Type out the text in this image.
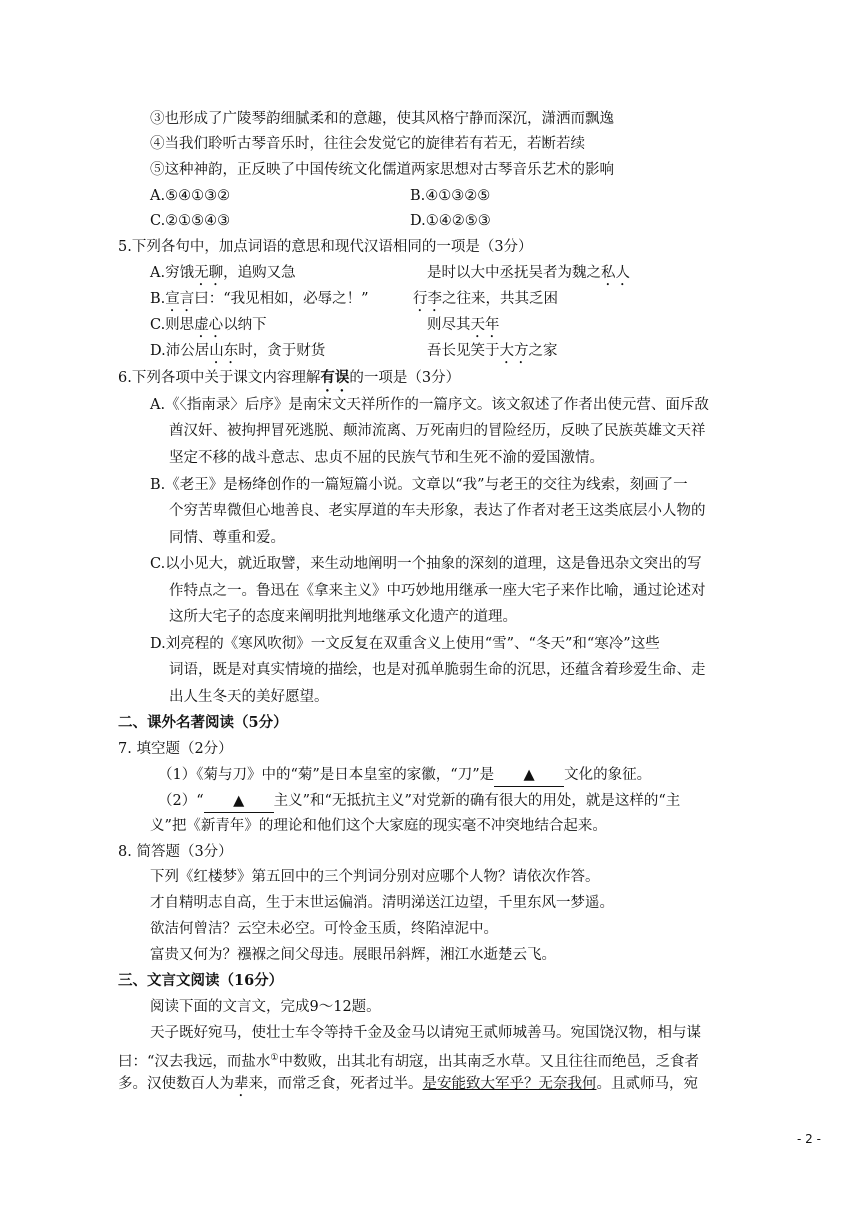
③也形成了广陵琴韵细腻柔和的意趣，使其风格宁静而深沉，潇洒而飘逸
④当我们聆听古琴音乐时，往往会发觉它的旋律若有若无，若断若续
⑤这种神韵，正反映了中国传统文化儒道两家思想对古琴音乐艺术的影响
A.⑤④①③②	B.④①③②⑤
C.②①⑤④③	D.①④②⑤③
5.下列各句中，加点词语的意思和现代汉语相同的一项是（3分）
A.穷饿无聊，追购又急	是时以大中丞抚吴者为魏之私人
B.宣言曰：“我见相如，必辱之！”	行李之往来，共其乏困
C.则思虚心以纳下	则尽其天年
D.沛公居山东时，贪于财货	吾长见笑于大方之家
6.下列各项中关于课文内容理解有误的一项是（3分）
A.《〈指南录〉后序》是南宋文天祥所作的一篇序文。该文叙述了作者出使元营、面斥敌
酋汉奸、被拘押冒死逃脱、颠沛流离、万死南归的冒险经历，反映了民族英雄文天祥
坚定不移的战斗意志、忠贞不屈的民族气节和生死不渝的爱国激情。
B.《老王》是杨绛创作的一篇短篇小说。文章以“我”与老王的交往为线索，刻画了一
个穷苦卑微但心地善良、老实厚道的车夫形象，表达了作者对老王这类底层小人物的
同情、尊重和爱。
C.以小见大，就近取譬，来生动地阐明一个抽象的深刻的道理，这是鲁迅杂文突出的写
作特点之一。鲁迅在《拿来主义》中巧妙地用继承一座大宅子来作比喻，通过论述对
这所大宅子的态度来阐明批判地继承文化遗产的道理。
D.刘亮程的《寒风吹彻》一文反复在双重含义上使用“雪”、“冬天”和“寒冷”这些
词语，既是对真实情境的描绘，也是对孤单脆弱生命的沉思，还蕴含着珍爱生命、走
出人生冬天的美好愿望。
二、课外名著阅读（5分）
7. 填空题（2分）
（1）《菊与刀》中的“菊”是日本皇室的家徽，“刀”是 ▲ 文化的象征。
（2）“ ▲ 主义”和“无抵抗主义”对党新的确有很大的用处，就是这样的“主
义”把《新青年》的理论和他们这个大家庭的现实毫不冲突地结合起来。
8. 简答题（3分）
下列《红楼梦》第五回中的三个判词分别对应哪个人物？请依次作答。
才自精明志自高，生于末世运偏消。清明涕送江边望，千里东风一梦遥。
欲洁何曾洁？云空未必空。可怜金玉质，终陷淖泥中。
富贵又何为？襁褓之间父母违。展眼吊斜辉，湘江水逝楚云飞。
三、文言文阅读（16分）
阅读下面的文言文，完成9～12题。
天子既好宛马，使壮士车令等持千金及金马以请宛王贰师城善马。宛国饶汉物，相与谋
曰：“汉去我远，而盐水①中数败，出其北有胡寇，出其南乏水草。又且往往而绝邑，乏食者
多。汉使数百人为辈来，而常乏食，死者过半。是安能致大军乎？无奈我何。且贰师马，宛
- 2 -
